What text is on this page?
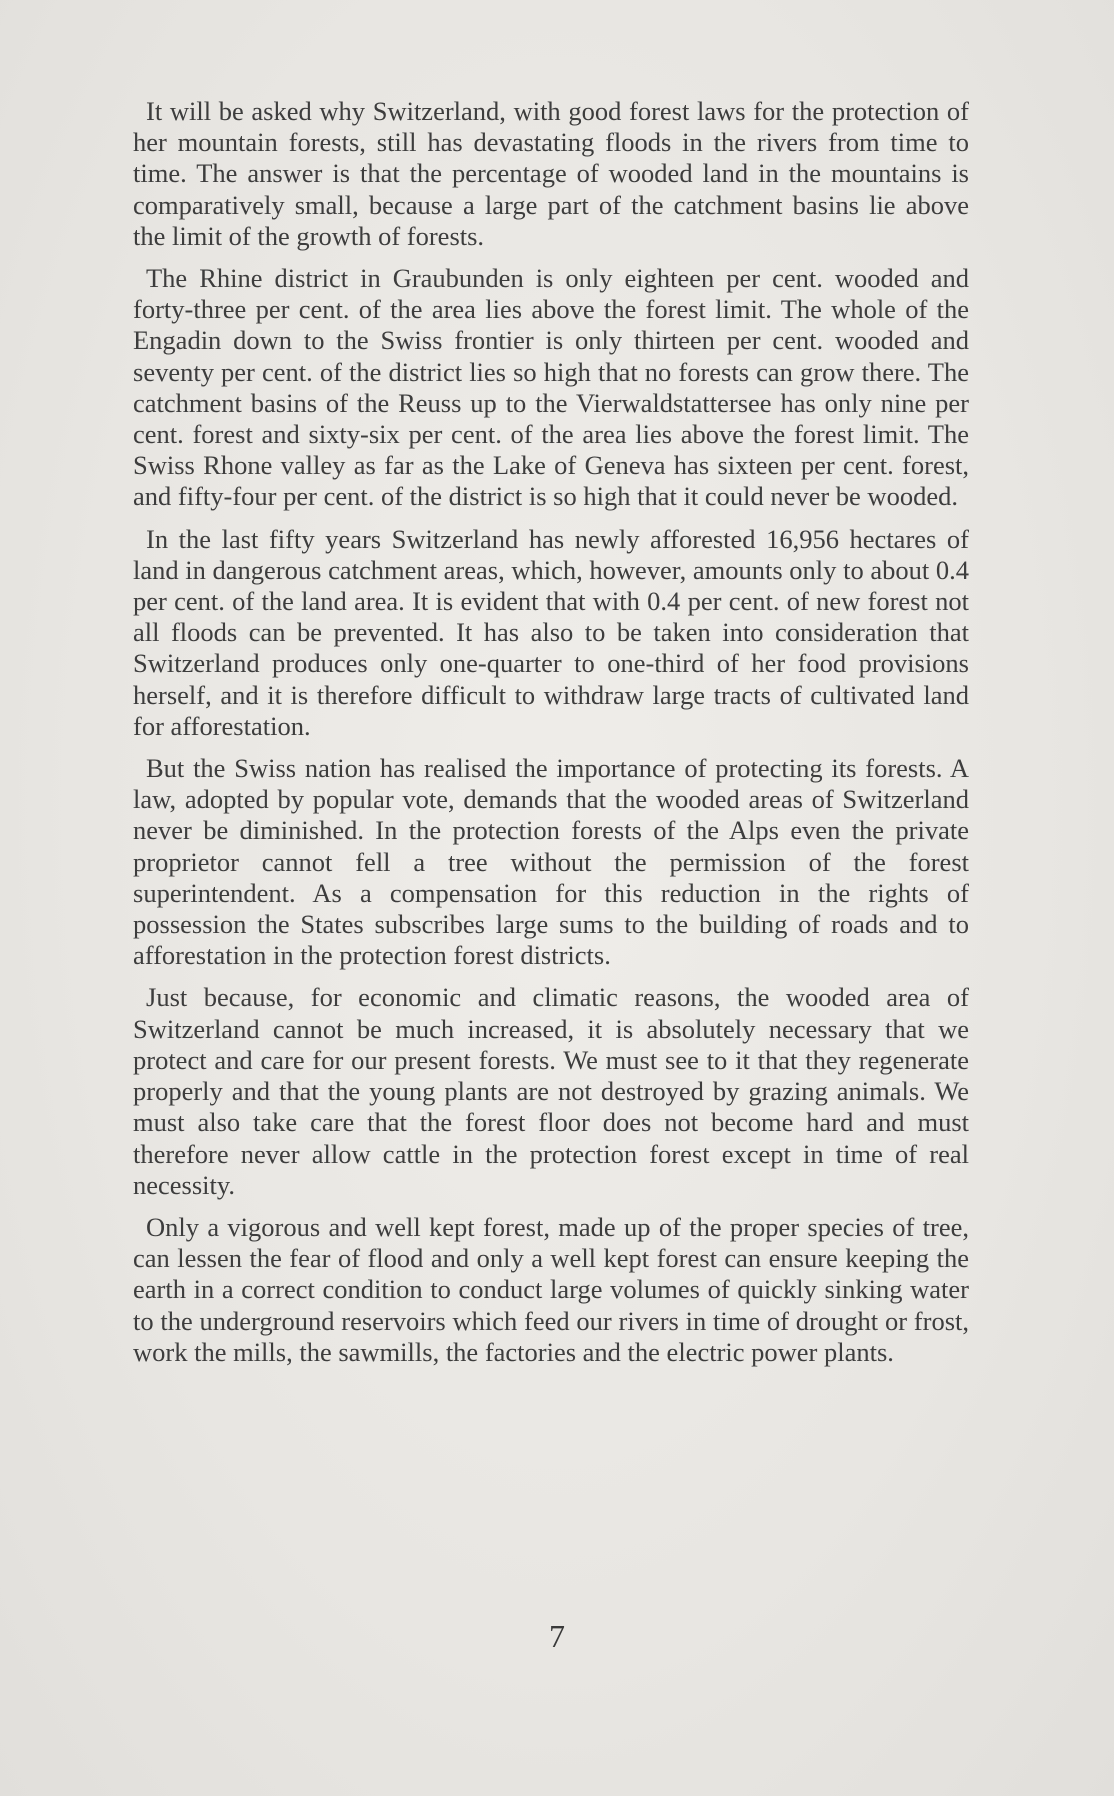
It will be asked why Switzerland, with good forest laws for the protection of her mountain forests, still has devastating floods in the rivers from time to time. The answer is that the percentage of wooded land in the mountains is comparatively small, because a large part of the catchment basins lie above the limit of the growth of forests.

The Rhine district in Graubunden is only eighteen per cent. wooded and forty-three per cent. of the area lies above the forest limit. The whole of the Engadin down to the Swiss frontier is only thirteen per cent. wooded and seventy per cent. of the district lies so high that no forests can grow there. The catchment basins of the Reuss up to the Vierwaldstattersee has only nine per cent. forest and sixty-six per cent. of the area lies above the forest limit. The Swiss Rhone valley as far as the Lake of Geneva has sixteen per cent. forest, and fifty-four per cent. of the district is so high that it could never be wooded.

In the last fifty years Switzerland has newly afforested 16,956 hectares of land in dangerous catchment areas, which, however, amounts only to about 0.4 per cent. of the land area. It is evident that with 0.4 per cent. of new forest not all floods can be prevented. It has also to be taken into consideration that Switzerland produces only one-quarter to one-third of her food provisions herself, and it is therefore difficult to withdraw large tracts of cultivated land for afforestation.

But the Swiss nation has realised the importance of protecting its forests. A law, adopted by popular vote, demands that the wooded areas of Switzerland never be diminished. In the protection forests of the Alps even the private proprietor cannot fell a tree without the permission of the forest superintendent. As a compensation for this reduction in the rights of possession the States subscribes large sums to the building of roads and to afforestation in the protection forest districts.

Just because, for economic and climatic reasons, the wooded area of Switzerland cannot be much increased, it is absolutely necessary that we protect and care for our present forests. We must see to it that they regenerate properly and that the young plants are not destroyed by grazing animals. We must also take care that the forest floor does not become hard and must therefore never allow cattle in the protection forest except in time of real necessity.

Only a vigorous and well kept forest, made up of the proper species of tree, can lessen the fear of flood and only a well kept forest can ensure keeping the earth in a correct condition to conduct large volumes of quickly sinking water to the underground reservoirs which feed our rivers in time of drought or frost, work the mills, the sawmills, the factories and the electric power plants.

7
